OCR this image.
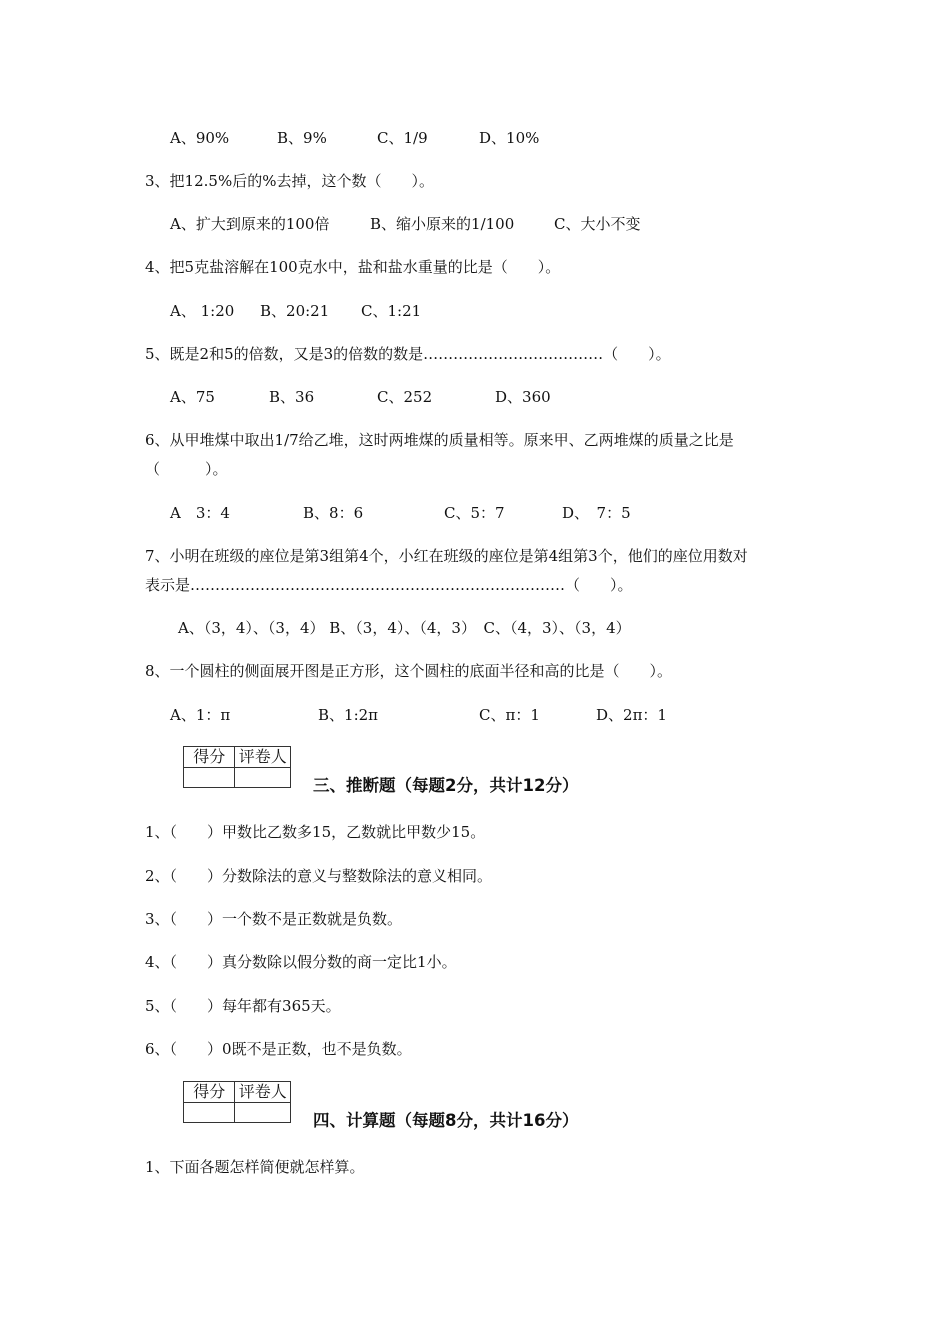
A、90%	B、9%	C、1/9	D、10%
3、把12.5%后的%去掉，这个数（　　）。
A、扩大到原来的100倍	B、缩小原来的1/100	C、大小不变
4、把5克盐溶解在100克水中，盐和盐水重量的比是（　　）。
A、 1:20 B、20:21 C、1:21
5、既是2和5的倍数，又是3的倍数的数是………………………………（　　）。
A、75	B、36	C、252	D、360
6、从甲堆煤中取出1/7给乙堆，这时两堆煤的质量相等。原来甲、乙两堆煤的质量之比是
（　　　）。
A　3：4	B、8：6	C、5：7	D、　7：5
7、小明在班级的座位是第3组第4个，小红在班级的座位是第4组第3个，他们的座位用数对
表示是…………………………………………………………………（　　）。
A、（3，4）、（3，4） B、（3，4）、（4，3）　C、（4，3）、（3，4）
8、一个圆柱的侧面展开图是正方形，这个圆柱的底面半径和高的比是（　　）。
A、1：π	B、1:2π	C、π：1	D、2π：1
得分	评卷人

三、推断题（每题2分，共计12分）
1、（　　）甲数比乙数多15，乙数就比甲数少15。
2、（　　）分数除法的意义与整数除法的意义相同。
3、（　　）一个数不是正数就是负数。
4、（　　）真分数除以假分数的商一定比1小。
5、（　　）每年都有365天。
6、（　　）0既不是正数，也不是负数。
得分	评卷人

四、计算题（每题8分，共计16分）
1、下面各题怎样简便就怎样算。
